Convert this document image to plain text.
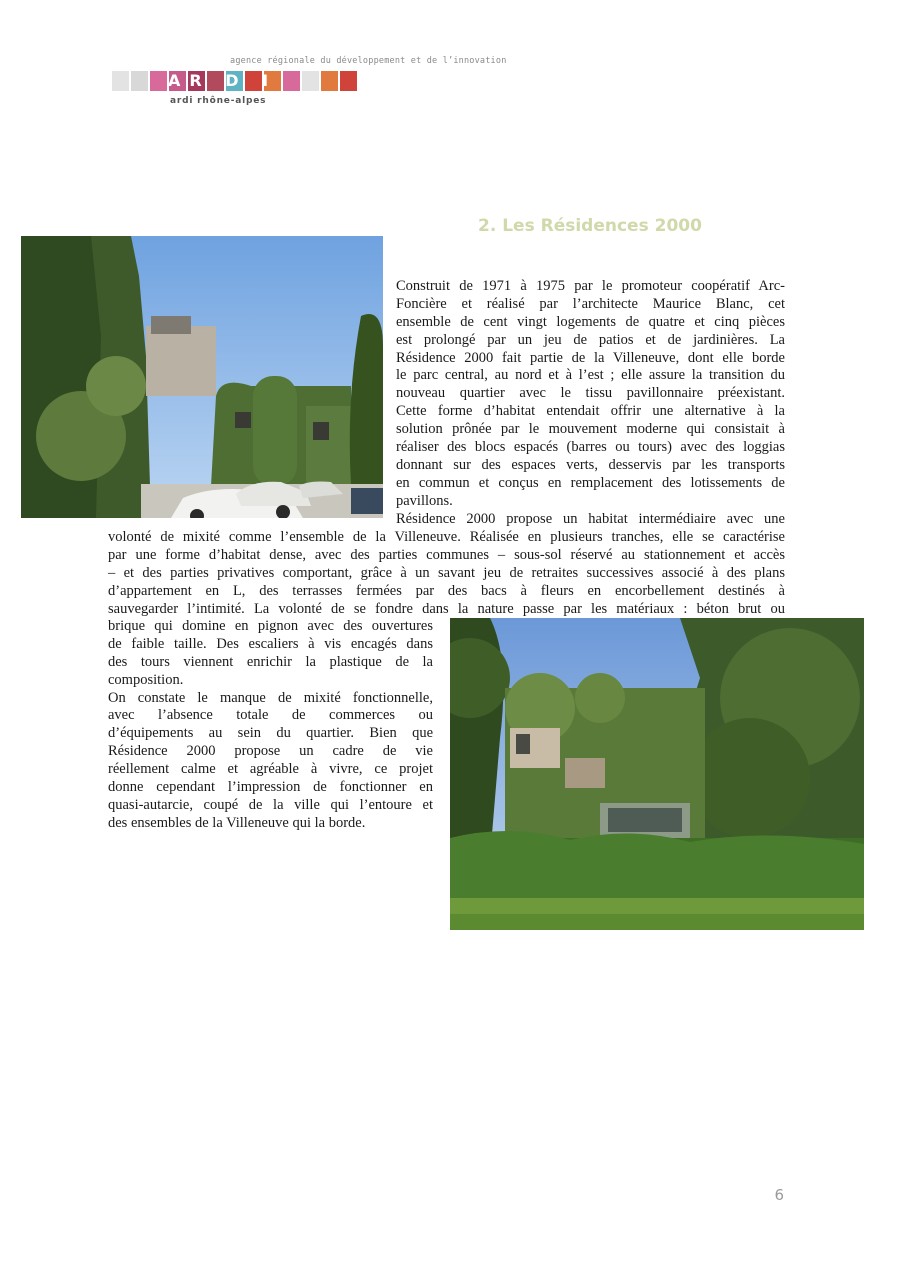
agence régionale du développement et de l’innovation
AR D I
ardi rhône-alpes
2. Les Résidences 2000
Construit de 1971 à 1975 par le promoteur coopératif Arc-
Foncière et réalisé par l’architecte Maurice Blanc, cet
ensemble de cent vingt logements de quatre et cinq pièces
est prolongé par un jeu de patios et de jardinières. La
Résidence 2000 fait partie de la Villeneuve, dont elle borde
le parc central, au nord et à l’est ; elle assure la transition du
nouveau quartier avec le tissu pavillonnaire préexistant.
Cette forme d’habitat entendait offrir une alternative à la
solution prônée par le mouvement moderne qui consistait à
réaliser des blocs espacés (barres ou tours) avec des loggias
donnant sur des espaces verts, desservis par les transports
en commun et conçus en remplacement des lotissements de
pavillons.
Résidence 2000 propose un habitat intermédiaire avec une
volonté de mixité comme l’ensemble de la Villeneuve. Réalisée en plusieurs tranches, elle se caractérise
par une forme d’habitat dense, avec des parties communes – sous-sol réservé au stationnement et accès
– et des parties privatives comportant, grâce à un savant jeu de retraites successives associé à des plans
d’appartement en L, des terrasses fermées par des bacs à fleurs en encorbellement destinés à
sauvegarder l’intimité. La volonté de se fondre dans la nature passe par les matériaux : béton brut ou
brique qui domine en pignon avec des ouvertures
de faible taille. Des escaliers à vis encagés dans
des tours viennent enrichir la plastique de la
composition.
On constate le manque de mixité fonctionnelle,
avec l’absence totale de commerces ou
d’équipements au sein du quartier. Bien que
Résidence 2000 propose un cadre de vie
réellement calme et agréable à vivre, ce projet
donne cependant l’impression de fonctionner en
quasi-autarcie, coupé de la ville qui l’entoure et
des ensembles de la Villeneuve qui la borde.
6
